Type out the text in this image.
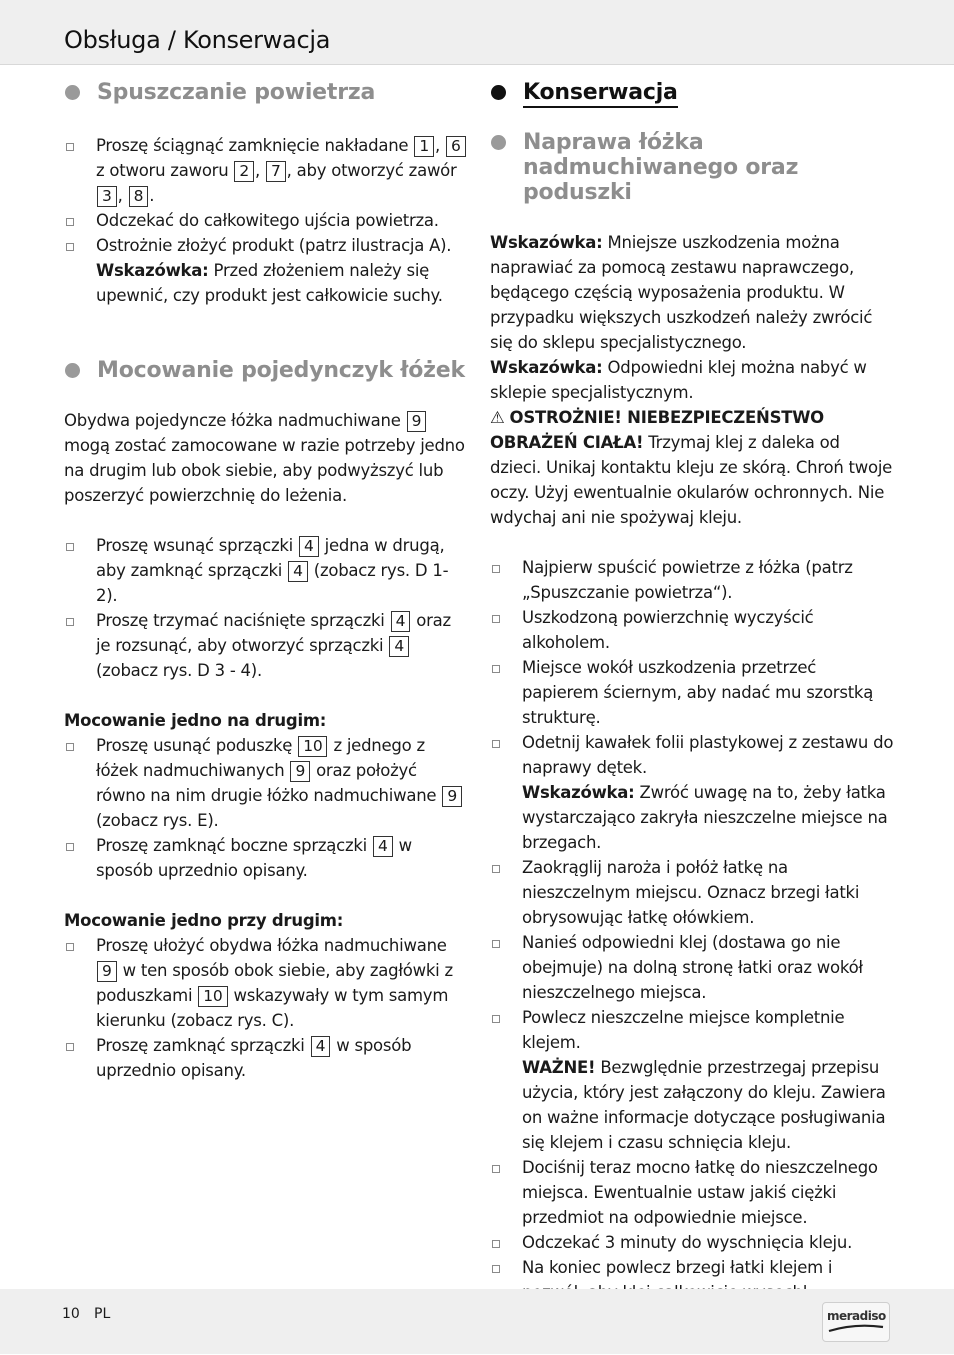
Obsługa / Konserwacja
Spuszczanie powietrza
Proszę ściągnąć zamknięcie nakładane 1 , 6
z otworu zaworu 2 , 7 , aby otworzyć zawór
3 , 8 .
Odczekać do całkowitego ujścia powietrza.
Ostrożnie złożyć produkt (patrz ilustracja A).
Wskazówka: Przed złożeniem należy się upewnić, czy produkt jest całkowicie suchy.
Mocowanie pojedynczyk łóżek

Obydwa pojedyncze łóżka nadmuchiwane 9 mogą zostać zamocowane w razie potrzeby jedno na drugim lub obok siebie, aby podwyższyć lub poszerzyć powierzchnię do leżenia.

Proszę wsunąć sprzączki 4 jedna w drugą, aby zamknąć sprzączki 4 (zobacz rys. D 1-2).
Proszę trzymać naciśnięte sprzączki 4 oraz je rozsunąć, aby otworzyć sprzączki 4 (zobacz rys. D 3 - 4).

Mocowanie jedno na drugim:

Proszę usunąć poduszkę 10 z jednego z łóżek nadmuchiwanych 9 oraz położyć równo na nim drugie łóżko nadmuchiwane 9 (zobacz rys. E).
Proszę zamknąć boczne sprzączki 4 w sposób uprzednio opisany.

Mocowanie jedno przy drugim:

Proszę ułożyć obydwa łóżka nadmuchiwane 9 w ten sposób obok siebie, aby zagłówki z poduszkami 10 wskazywały w tym samym kierunku (zobacz rys. C).
Proszę zamknąć sprzączki 4 w sposób uprzednio opisany.
Konserwacja
Naprawa łóżka nadmuchiwanego oraz poduszki

Wskazówka: Mniejsze uszkodzenia można naprawiać za pomocą zestawu naprawczego, będącego częścią wyposażenia produktu. W przypadku większych uszkodzeń należy zwrócić się do sklepu specjalistycznego.

Wskazówka: Odpowiedni klej można nabyć w sklepie specjalistycznym.

⚠ OSTROŻNIE! NIEBEZPIECZEŃSTWO OBRAŻEŃ CIAŁA! Trzymaj klej z daleka od dzieci. Unikaj kontaktu kleju ze skórą. Chroń twoje oczy. Użyj ewentualnie okularów ochronnych. Nie wdychaj ani nie spożywaj kleju.

Najpierw spuścić powietrze z łóżka (patrz „Spuszczanie powietrza“).
Uszkodzoną powierzchnię wyczyścić alkoholem.
Miejsce wokół uszkodzenia przetrzeć papierem ściernym, aby nadać mu szorstką strukturę.
Odetnij kawałek folii plastykowej z zestawu do naprawy dętek.
Wskazówka: Zwróć uwagę na to, żeby łatka wystarczająco zakryła nieszczelne miejsce na brzegach.
Zaokrąglij naroża i połóż łatkę na nieszczelnym miejscu. Oznacz brzegi łatki obrysowując łatkę ołówkiem.
Nanieś odpowiedni klej (dostawa go nie obejmuje) na dolną stronę łatki oraz wokół nieszczelnego miejsca.
Powlecz nieszczelne miejsce kompletnie klejem.
WAŻNE! Bezwględnie przestrzegaj przepisu użycia, który jest załączony do kleju. Zawiera on ważne informacje dotyczące posługiwania się klejem i czasu schnięcia kleju.
Dociśnij teraz mocno łatkę do nieszczelnego miejsca. Ewentualnie ustaw jakiś ciężki przedmiot na odpowiednie miejsce.
Odczekać 3 minuty do wyschnięcia kleju.
Na koniec powlecz brzegi łatki klejem i
10 PL	meradiso
